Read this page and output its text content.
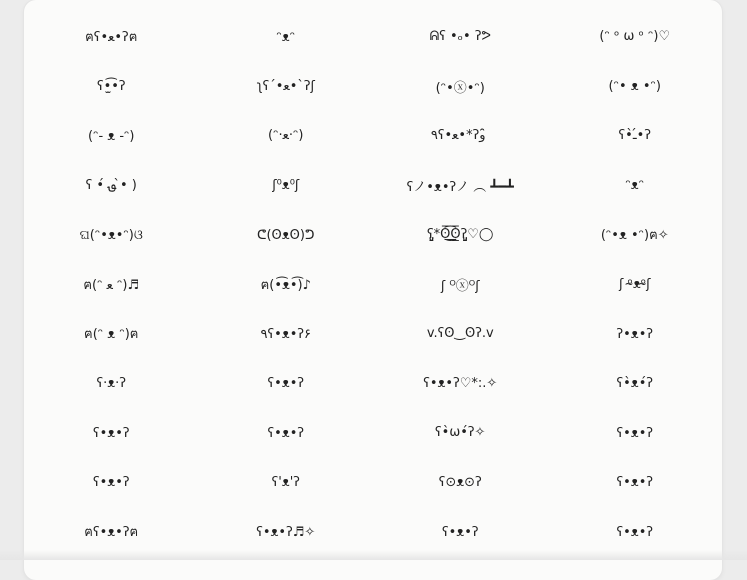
ฅʕ•ﻌ•ʔฅ	ᵔᴥᵔ	ᕱʕ •ₒ• ʔᕗ	(ᵔ ᵒ ω ᵒ ᵔ)♡
ʕ•̫͡•ʔ	ʅʕ´•ﻌ•`ʔʃ	(ᵔ•ⓧ•ᵔ)	(ᵔ• ᴥ •ᵔ)
(ᵔ- ᴥ -ᵔ)	(ᵔ·ﻌ·ᵔ)	٩ʕ•ﻌ•*ʔو ̑̑	ʕ•̀ـ•́ʔ
ʕ •́ ؈ •̀ )	ʃ⁰ᴥ⁰ʃ	ʕノ•ᴥ•ʔノ ︵ ┻━┻	ᵔᴥᵔ
ଘ(ᵔ•ᴥ•ᵔ)ଓ	ᕦ(ʘᴥʘ)ᕤ	ʕ̡̢̡*ʘ̅͟͜͡ʘ̲̅ʔ̡̢̡♡◯	(ᵔ•ᴥ •ᵔ)ฅ✧
ฅ(ᵔ ﻌ ᵔ)♬	ฅ(•͡ᴥ•͡)♪	ʃ ᴼⓧᴼʃ	ʃ ᵒ̴ᴥᵒ̴ʃ
ฅ(ᵔ ᴥ ᵔ)ฅ	٩ʕ•ᴥ•ʔ۶	v.ʕʘ‿ʘʔ.v	ʔ•ᴥ•ʔ
ʕ·ᴥ·ʔ	ʕ•ᴥ•ʔ	ʕ•ᴥ•ʔ♡*:.✧	ʕ•̀ᴥ•́ʔ
ʕ•ᴥ•ʔ	ʕ•ᴥ•ʔ	ʕ•̀ω•́ʔ✧	ʕ•ᴥ•ʔ
ʕ•ᴥ•ʔ	ʕ'ᴥ'ʔ	ʕ⊙ᴥ⊙ʔ	ʕ•ᴥ•ʔ
ฅʕ•ᴥ•ʔฅ	ʕ•ᴥ•ʔ♬✧	ʕ•ᴥ•ʔ	ʕ•ᴥ•ʔ
